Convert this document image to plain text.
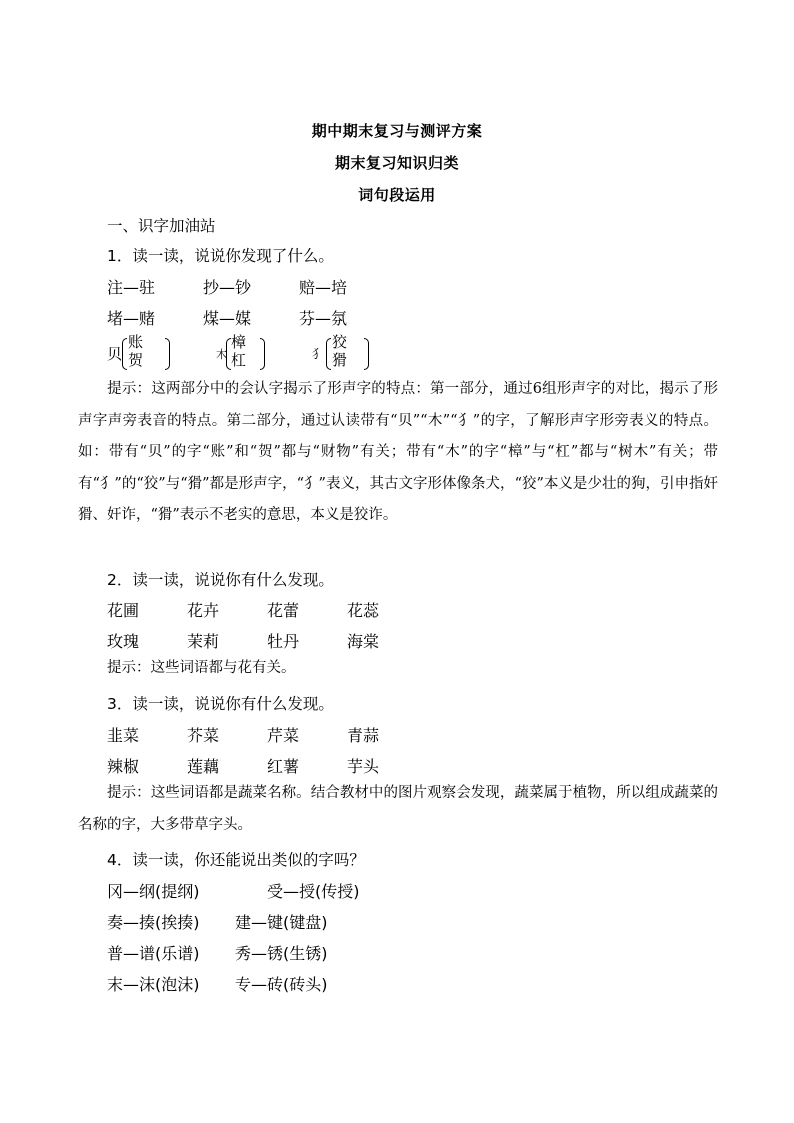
期中期末复习与测评方案
期末复习知识归类
词句段运用
一、识字加油站
1．读一读，说说你发现了什么。
注—驻	抄—钞	赔—培
堵—赌	煤—媒	芬—氛
贝
账
贺	木
樟
杠	犭
狡
猾
提示：这两部分中的会认字揭示了形声字的特点：第一部分，通过6组形声字的对比，揭示了形声字声旁表音的特点。第二部分，通过认读带有“贝”“木”“犭”的字，了解形声字形旁表义的特点。如：带有“贝”的字“账”和“贺”都与“财物”有关；带有“木”的字“樟”与“杠”都与“树木”有关；带有“犭”的“狡”与“猾”都是形声字，“犭”表义，其古文字形体像条犬，“狡”本义是少壮的狗，引申指奸猾、奸诈，“猾”表示不老实的意思，本义是狡诈。
2．读一读，说说你有什么发现。
花圃	花卉	花蕾	花蕊
玫瑰	茉莉	牡丹	海棠
提示：这些词语都与花有关。
3．读一读，说说你有什么发现。
韭菜	芥菜	芹菜	青蒜
辣椒	莲藕	红薯	芋头
提示：这些词语都是蔬菜名称。结合教材中的图片观察会发现，蔬菜属于植物，所以组成蔬菜的名称的字，大多带草字头。
4．读一读，你还能说出类似的字吗？
冈—纲(提纲)	受—授(传授)
奏—揍(挨揍) 建—键(键盘)
普—谱(乐谱) 秀—锈(生锈)
末—沫(泡沫) 专—砖(砖头)
